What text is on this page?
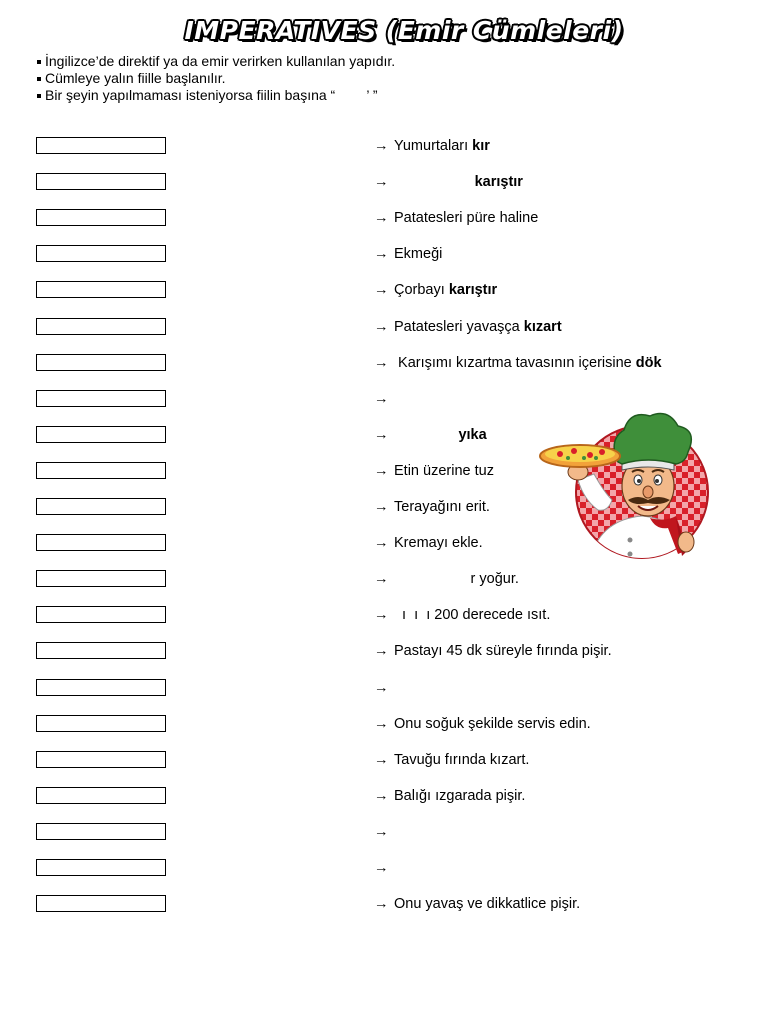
IMPERATIVES (Emir Cümleleri)
İngilizce’de direktif ya da emir verirken kullanılan yapıdır.
Cümleye yalın fiille başlanılır.
Bir şeyin yapılmaması isteniyorsa fiilin başına “        ’ ”
→ Yumurtaları kır
→	karıştır
→ Patatesleri püre haline
→ Ekmeği
→ Çorbayı karıştır
→ Patatesleri yavaşça kızart
→ Karışımı kızartma tavasının içerisine dök
→
→	yıka
→ Etin üzerine tuz
→ Terayağını erit.
→ Kremayı ekle.
→                   r yoğur.
→  ı  ı  ı 200 derecede ısıt.
→ Pastayı 45 dk süreyle fırında pişir.
→
→ Onu soğuk şekilde servis edin.
→ Tavuğu fırında kızart.
→ Balığı ızgarada pişir.
→
→
→ Onu yavaş ve dikkatlice pişir.
